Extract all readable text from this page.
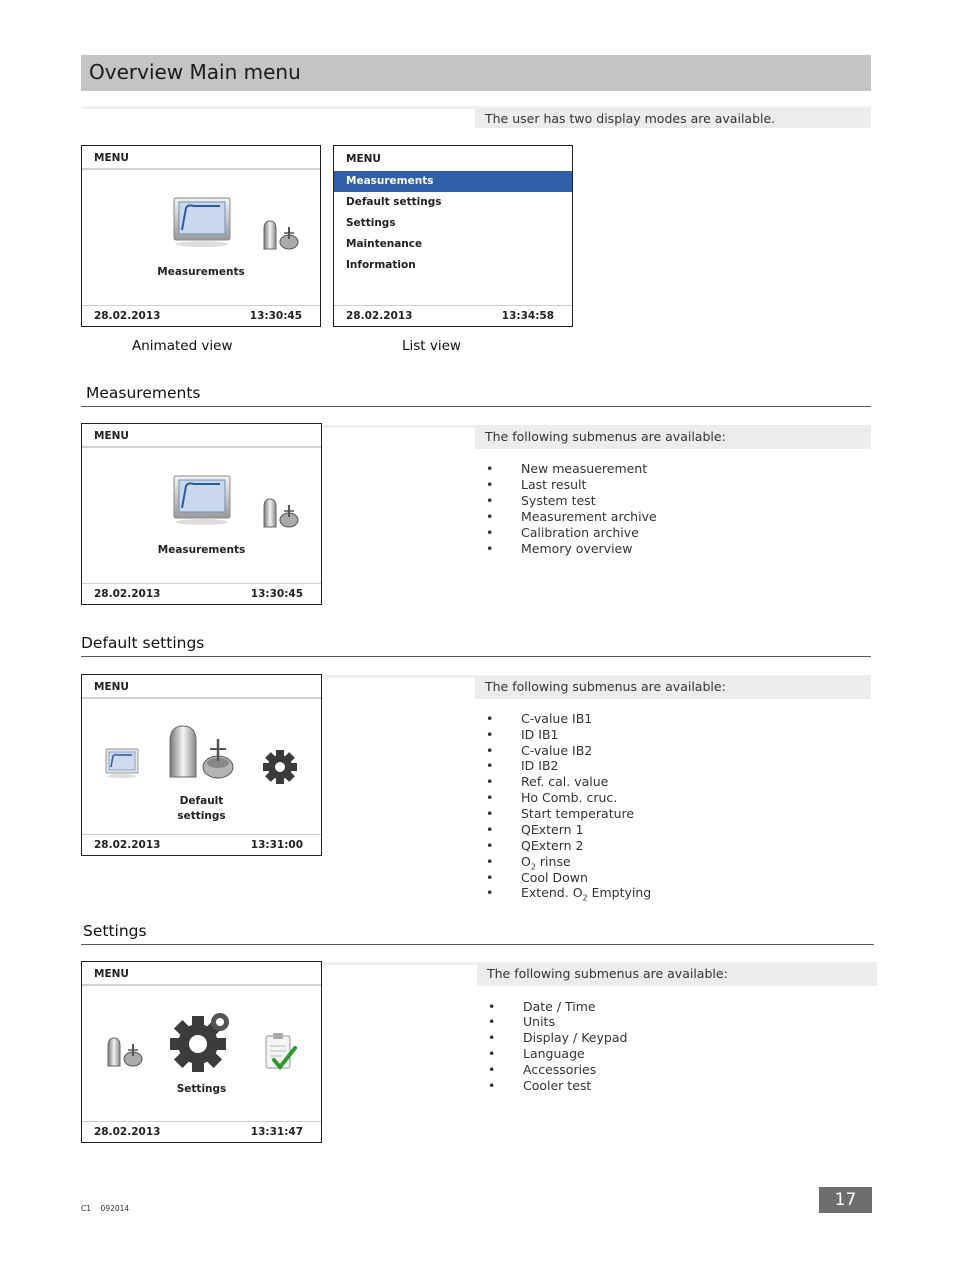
Overview Main menu
The user has two display modes are available.
MENU
Measurements
28.02.2013	13:30:45
Animated view
MENU
Measurements
Default settings
Settings
Maintenance
Information
28.02.2013	13:34:58
List view
Measurements
MENU
Measurements
28.02.2013	13:30:45
The following submenus are available:
• New measuerement
• Last result
• System test
• Measurement archive
• Calibration archive
• Memory overview
Default settings
MENU
Default
settings
28.02.2013	13:31:00
The following submenus are available:
• C-value IB1
• ID IB1
• C-value IB2
• ID IB2
• Ref. cal. value
• Ho Comb. cruc.
• Start temperature
• QExtern 1
• QExtern 2
• $O_2$ rinse
• Cool Down
• Extend. $O_2$ Emptying
Settings
MENU
Settings
28.02.2013	13:31:47
The following submenus are available:
• Date / Time
• Units
• Display / Keypad
• Language
• Accessories
• Cooler test
C1    092014	17
